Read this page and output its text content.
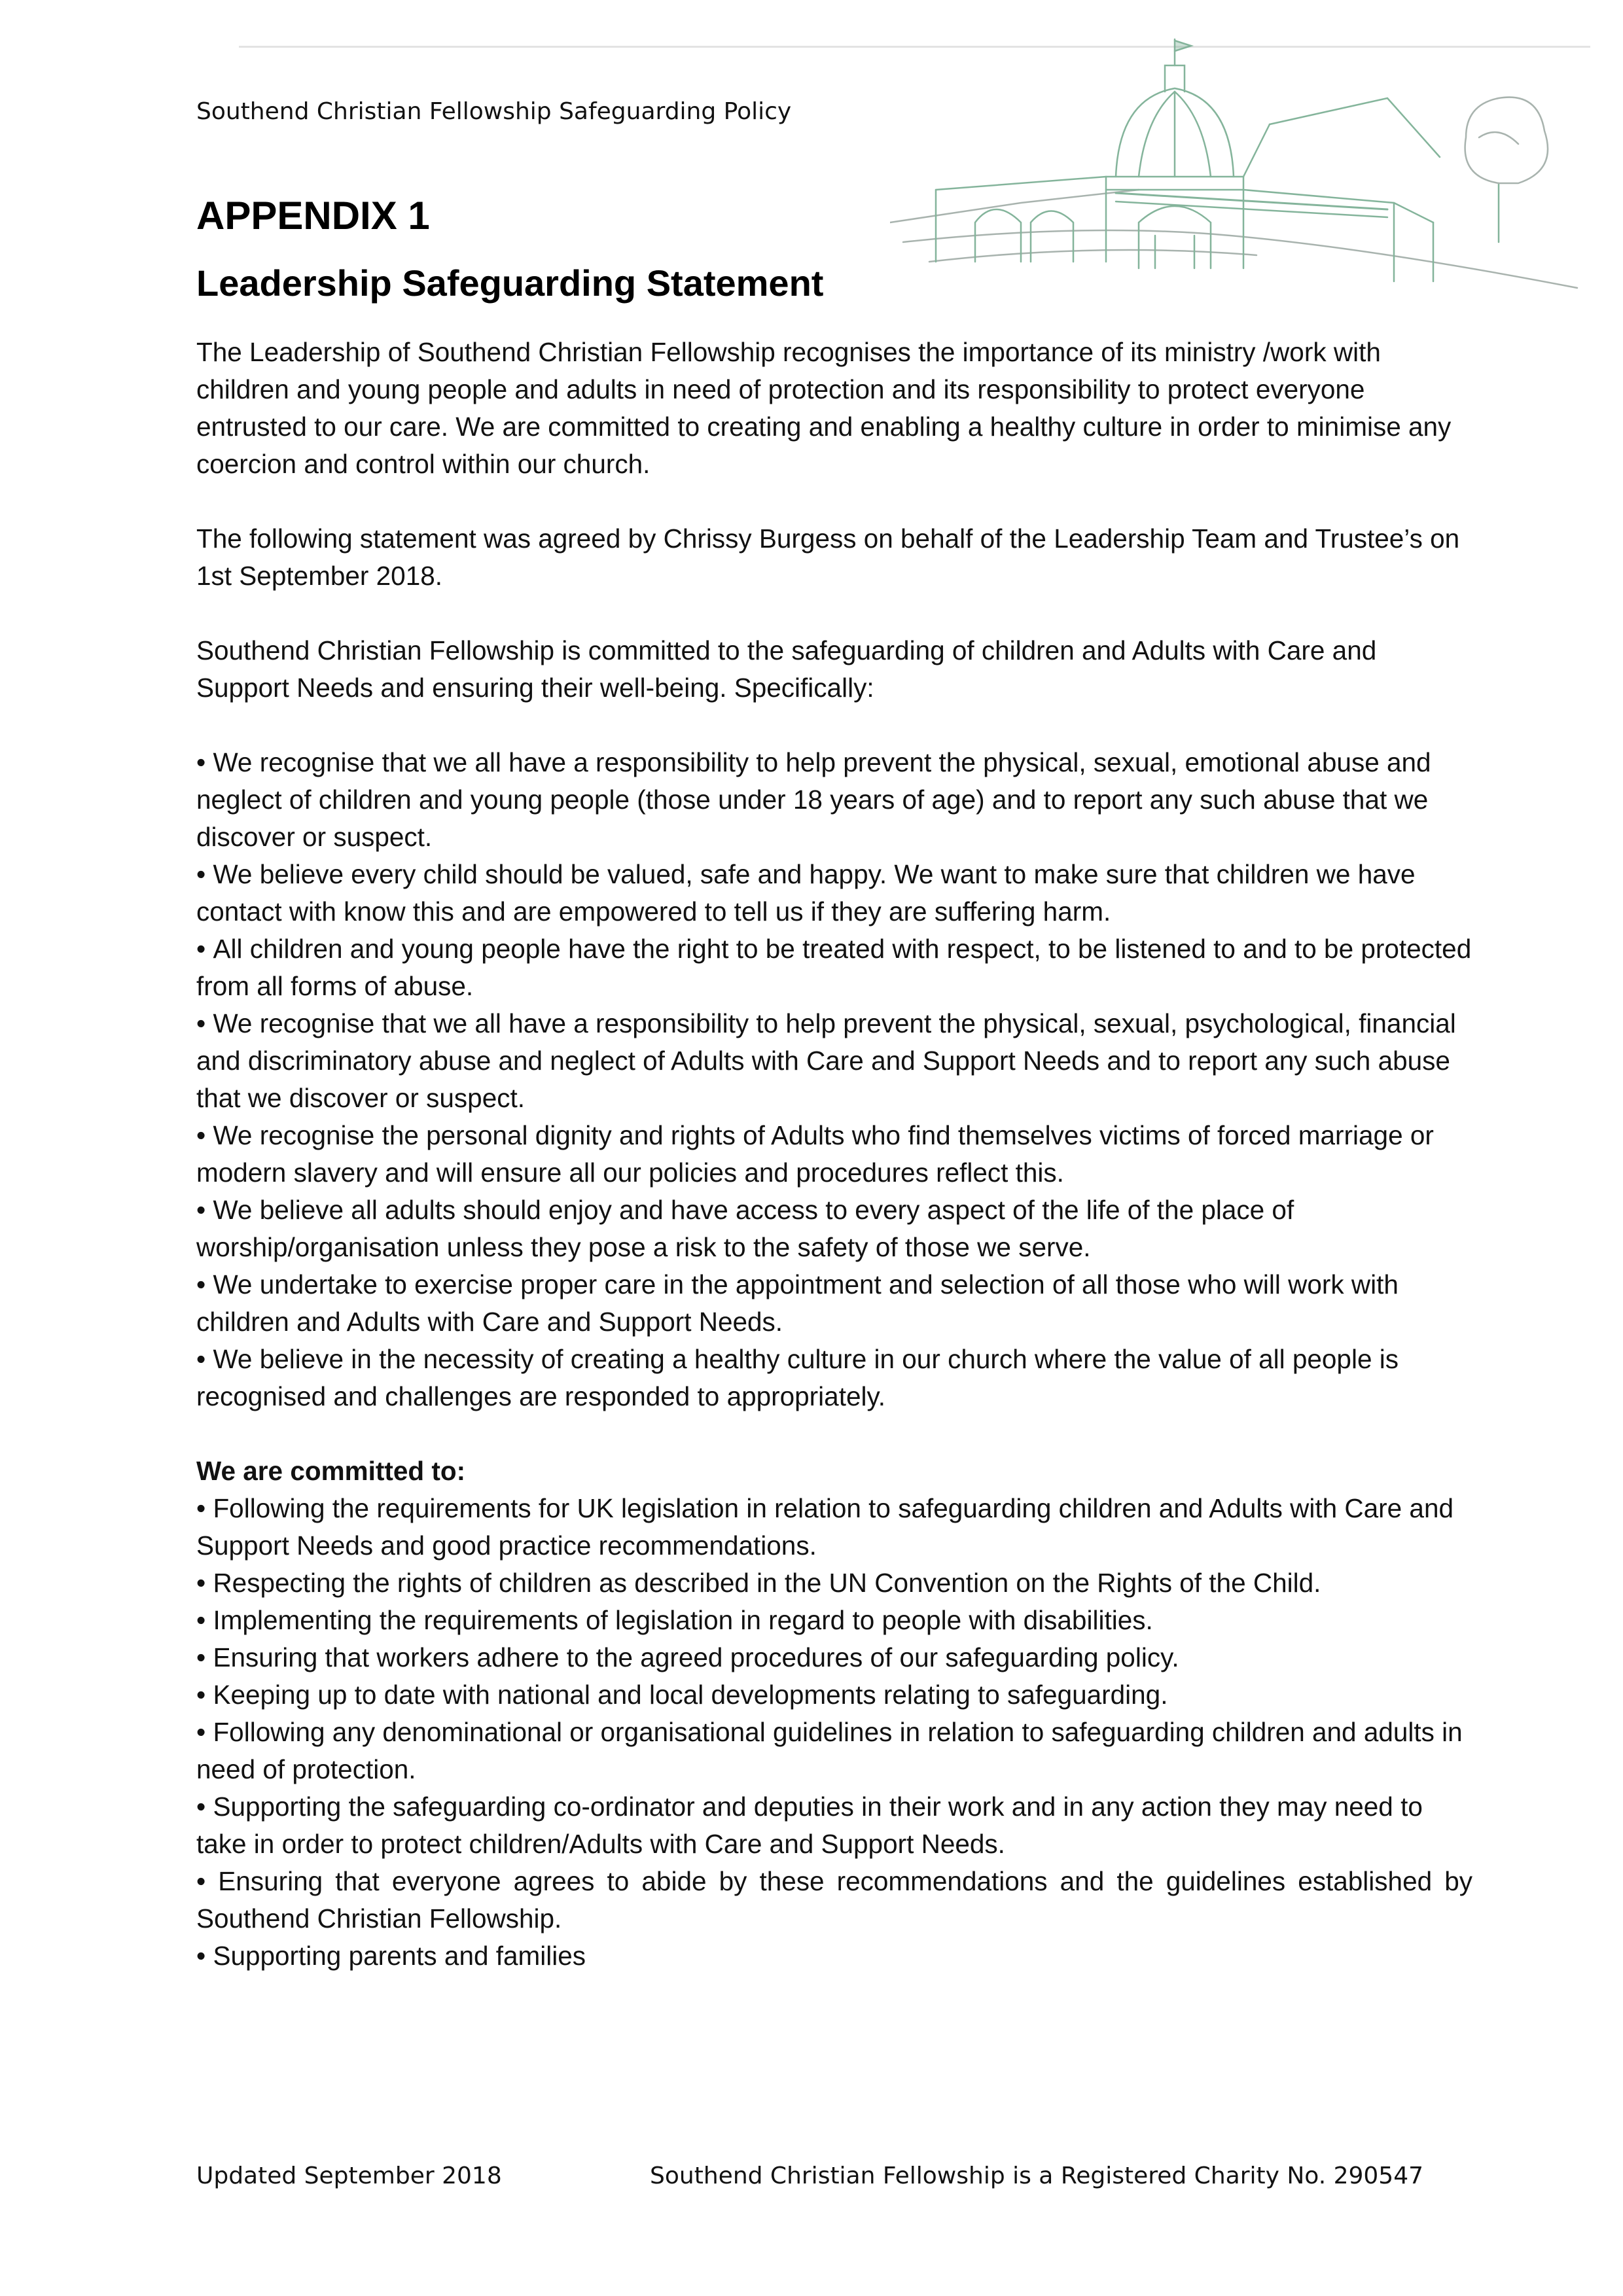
Southend Christian Fellowship Safeguarding Policy
APPENDIX 1
Leadership Safeguarding Statement

The Leadership of Southend Christian Fellowship recognises the importance of its ministry /work with children and young people and adults in need of protection and its responsibility to protect everyone entrusted to our care. We are committed to creating and enabling a healthy culture in order to minimise any coercion and control within our church.

The following statement was agreed by Chrissy Burgess on behalf of the Leadership Team and Trustee’s on 1st September 2018.

Southend Christian Fellowship is committed to the safeguarding of children and Adults with Care and Support Needs and ensuring their well-being. Specifically:

• We recognise that we all have a responsibility to help prevent the physical, sexual, emotional abuse and neglect of children and young people (those under 18 years of age) and to report any such abuse that we discover or suspect.
• We believe every child should be valued, safe and happy. We want to make sure that children we have contact with know this and are empowered to tell us if they are suffering harm.
• All children and young people have the right to be treated with respect, to be listened to and to be protected from all forms of abuse.
• We recognise that we all have a responsibility to help prevent the physical, sexual, psychological, financial and discriminatory abuse and neglect of Adults with Care and Support Needs and to report any such abuse that we discover or suspect.
• We recognise the personal dignity and rights of Adults who find themselves victims of forced marriage or modern slavery and will ensure all our policies and procedures reflect this.
• We believe all adults should enjoy and have access to every aspect of the life of the place of worship/organisation unless they pose a risk to the safety of those we serve.
• We undertake to exercise proper care in the appointment and selection of all those who will work with children and Adults with Care and Support Needs.
• We believe in the necessity of creating a healthy culture in our church where the value of all people is recognised and challenges are responded to appropriately.
We are committed to:
• Following the requirements for UK legislation in relation to safeguarding children and Adults with Care and Support Needs and good practice recommendations.
• Respecting the rights of children as described in the UN Convention on the Rights of the Child.
• Implementing the requirements of legislation in regard to people with disabilities.
• Ensuring that workers adhere to the agreed procedures of our safeguarding policy.
• Keeping up to date with national and local developments relating to safeguarding.
• Following any denominational or organisational guidelines in relation to safeguarding children and adults in need of protection.
• Supporting the safeguarding co-ordinator and deputies in their work and in any action they may need to take in order to protect children/Adults with Care and Support Needs.
• Ensuring that everyone agrees to abide by these recommendations and the guidelines established by Southend Christian Fellowship.
• Supporting parents and families
Updated September 2018	Southend Christian Fellowship is a Registered Charity No. 290547
